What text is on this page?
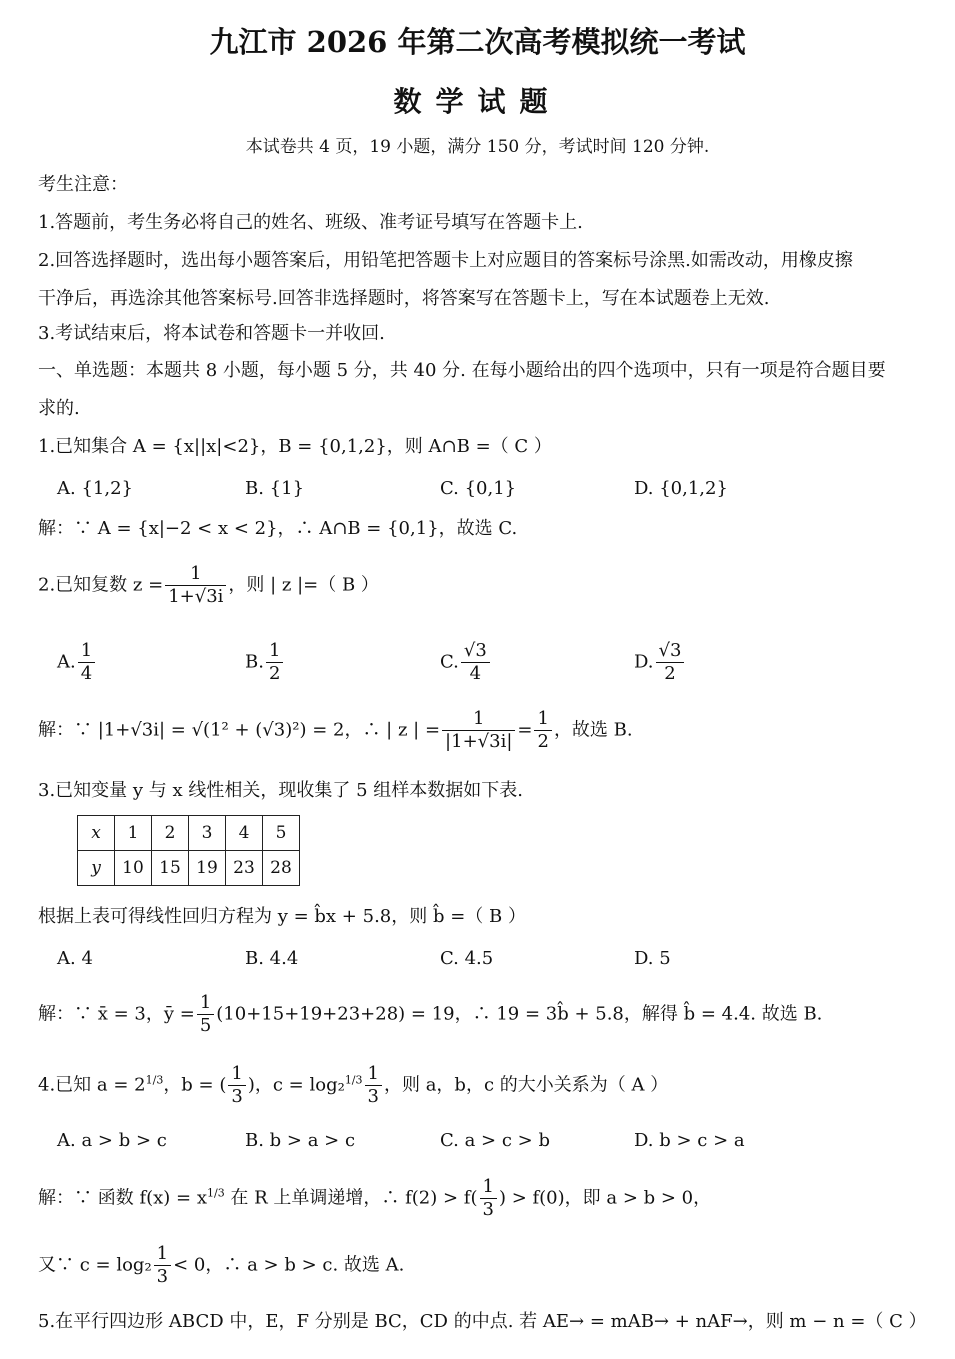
九江市 2026 年第二次高考模拟统一考试
数学试题
本试卷共 4 页，19 小题，满分 150 分，考试时间 120 分钟.
考生注意：
1.答题前，考生务必将自己的姓名、班级、准考证号填写在答题卡上.
2.回答选择题时，选出每小题答案后，用铅笔把答题卡上对应题目的答案标号涂黑.如需改动，用橡皮擦
干净后，再选涂其他答案标号.回答非选择题时，将答案写在答题卡上，写在本试题卷上无效.
3.考试结束后，将本试卷和答题卡一并收回.
一、单选题：本题共 8 小题，每小题 5 分，共 40 分. 在每小题给出的四个选项中，只有一项是符合题目要
求的.
1.已知集合 A = {x||x|<2}，B = {0,1,2}，则 A∩B =（ C ）
A. {1,2}	B. {1}	C. {0,1}	D. {0,1,2}
解：∵ A = {x|−2 < x < 2}，∴ A∩B = {0,1}，故选 C.
2.已知复数 $z = \frac{1}{1+√3i}$ ，则 | z |=（ B ）
A. $\frac{1}{4}$	B. $\frac{1}{2}$	C. $\frac{√3}{4}$	D. $\frac{√3}{2}$
解：∵ |1+√3i| = √(1² + (√3)²) = 2，∴ | z | = $\frac{1}{|1+√3i|} = \frac{1}{2}$ ，故选 B.
3.已知变量 y 与 x 线性相关，现收集了 5 组样本数据如下表.
x	1	2	3	4	5
y	10	15	19	23	28
根据上表可得线性回归方程为 y = b̂x + 5.8，则 b̂ =（ B ）
A. 4	B. 4.4	C. 4.5	D. 5
解：∵ x̄ = 3，ȳ = $\frac{1}{5} (10+15+19+23+28) = 19$，∴ 19 = 3b̂ + 5.8，解得 b̂ = 4.4. 故选 B.
4.已知 $a = 2^{1/3}$，b = ( $\frac{1}{3}$ )，$c = \log_2^{1/3} \frac{1}{3}$ ，则 a，b，c 的大小关系为（ A ）
A. a > b > c	B. b > a > c	C. a > c > b	D. b > c > a
解：∵ 函数 $f(x) = x^{1/3}$ 在 R 上单调递增，∴ $f(2) > f( \frac{1}{3}$ ) > f(0)，即 a > b > 0，
又∵ $c = \log_2 \frac{1}{3} < 0$，∴ a > b > c. 故选 A.
5.在平行四边形 ABCD 中，E，F 分别是 BC，CD 的中点. 若 AE→ = mAB→ + nAF→，则 m − n =（ C ）
